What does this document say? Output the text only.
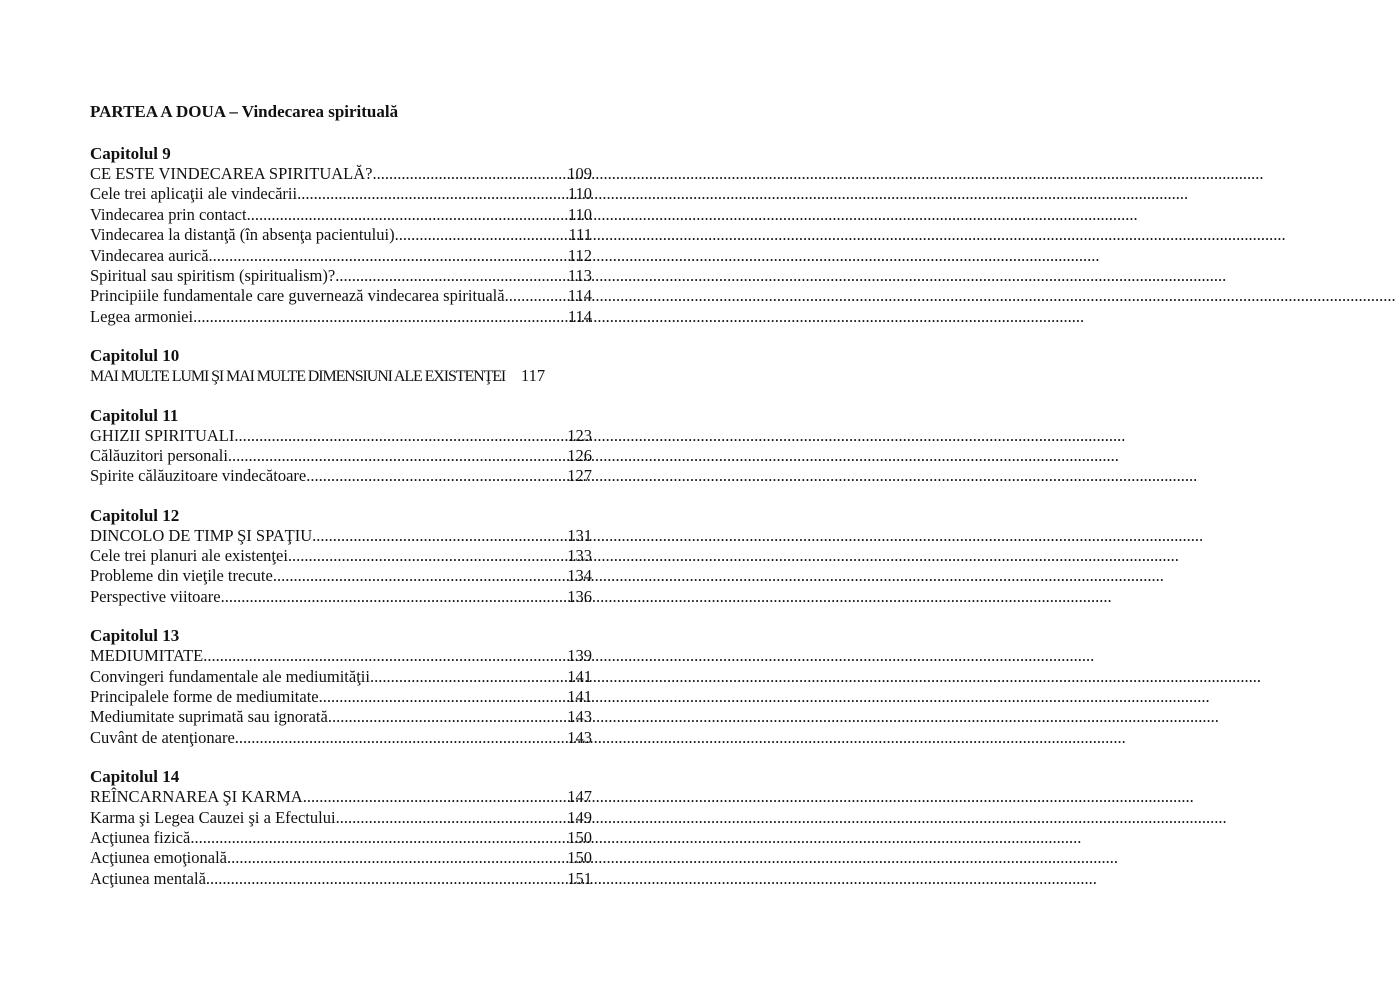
PARTEA A DOUA – Vindecarea spirituală
Capitolul 9
CE ESTE VINDECAREA SPIRITUALĂ? .....	109
Cele trei aplicaţii ale vindecării .....	110
Vindecarea prin contact .....	110
Vindecarea la distanţă (în absenţa pacientului) .....	111
Vindecarea aurică .....	112
Spiritual sau spiritism (spiritualism)? .....	113
Principiile fundamentale care guvernează vindecarea spirituală .....	114
Legea armoniei .....	114
Capitolul 10
MAI MULTE LUMI ŞI MAI MULTE DIMENSIUNI ALE EXISTENŢEI 117
Capitolul 11
GHIZII SPIRITUALI .....	123
Călăuzitori personali .....	126
Spirite călăuzitoare vindecătoare .....	127
Capitolul 12
DINCOLO DE TIMP ŞI SPAŢIU .....	131
Cele trei planuri ale existenţei .....	133
Probleme din vieţile trecute .....	134
Perspective viitoare .....	136
Capitolul 13
MEDIUMITATE .....	139
Convingeri fundamentale ale mediumităţii .....	141
Principalele forme de mediumitate .....	141
Mediumitate suprimată sau ignorată .....	143
Cuvânt de atenţionare .....	143
Capitolul 14
REÎNCARNAREA ŞI KARMA .....	147
Karma şi Legea Cauzei şi a Efectului .....	149
Acţiunea fizică .....	150
Acţiunea emoţională .....	150
Acţiunea mentală .....	151
